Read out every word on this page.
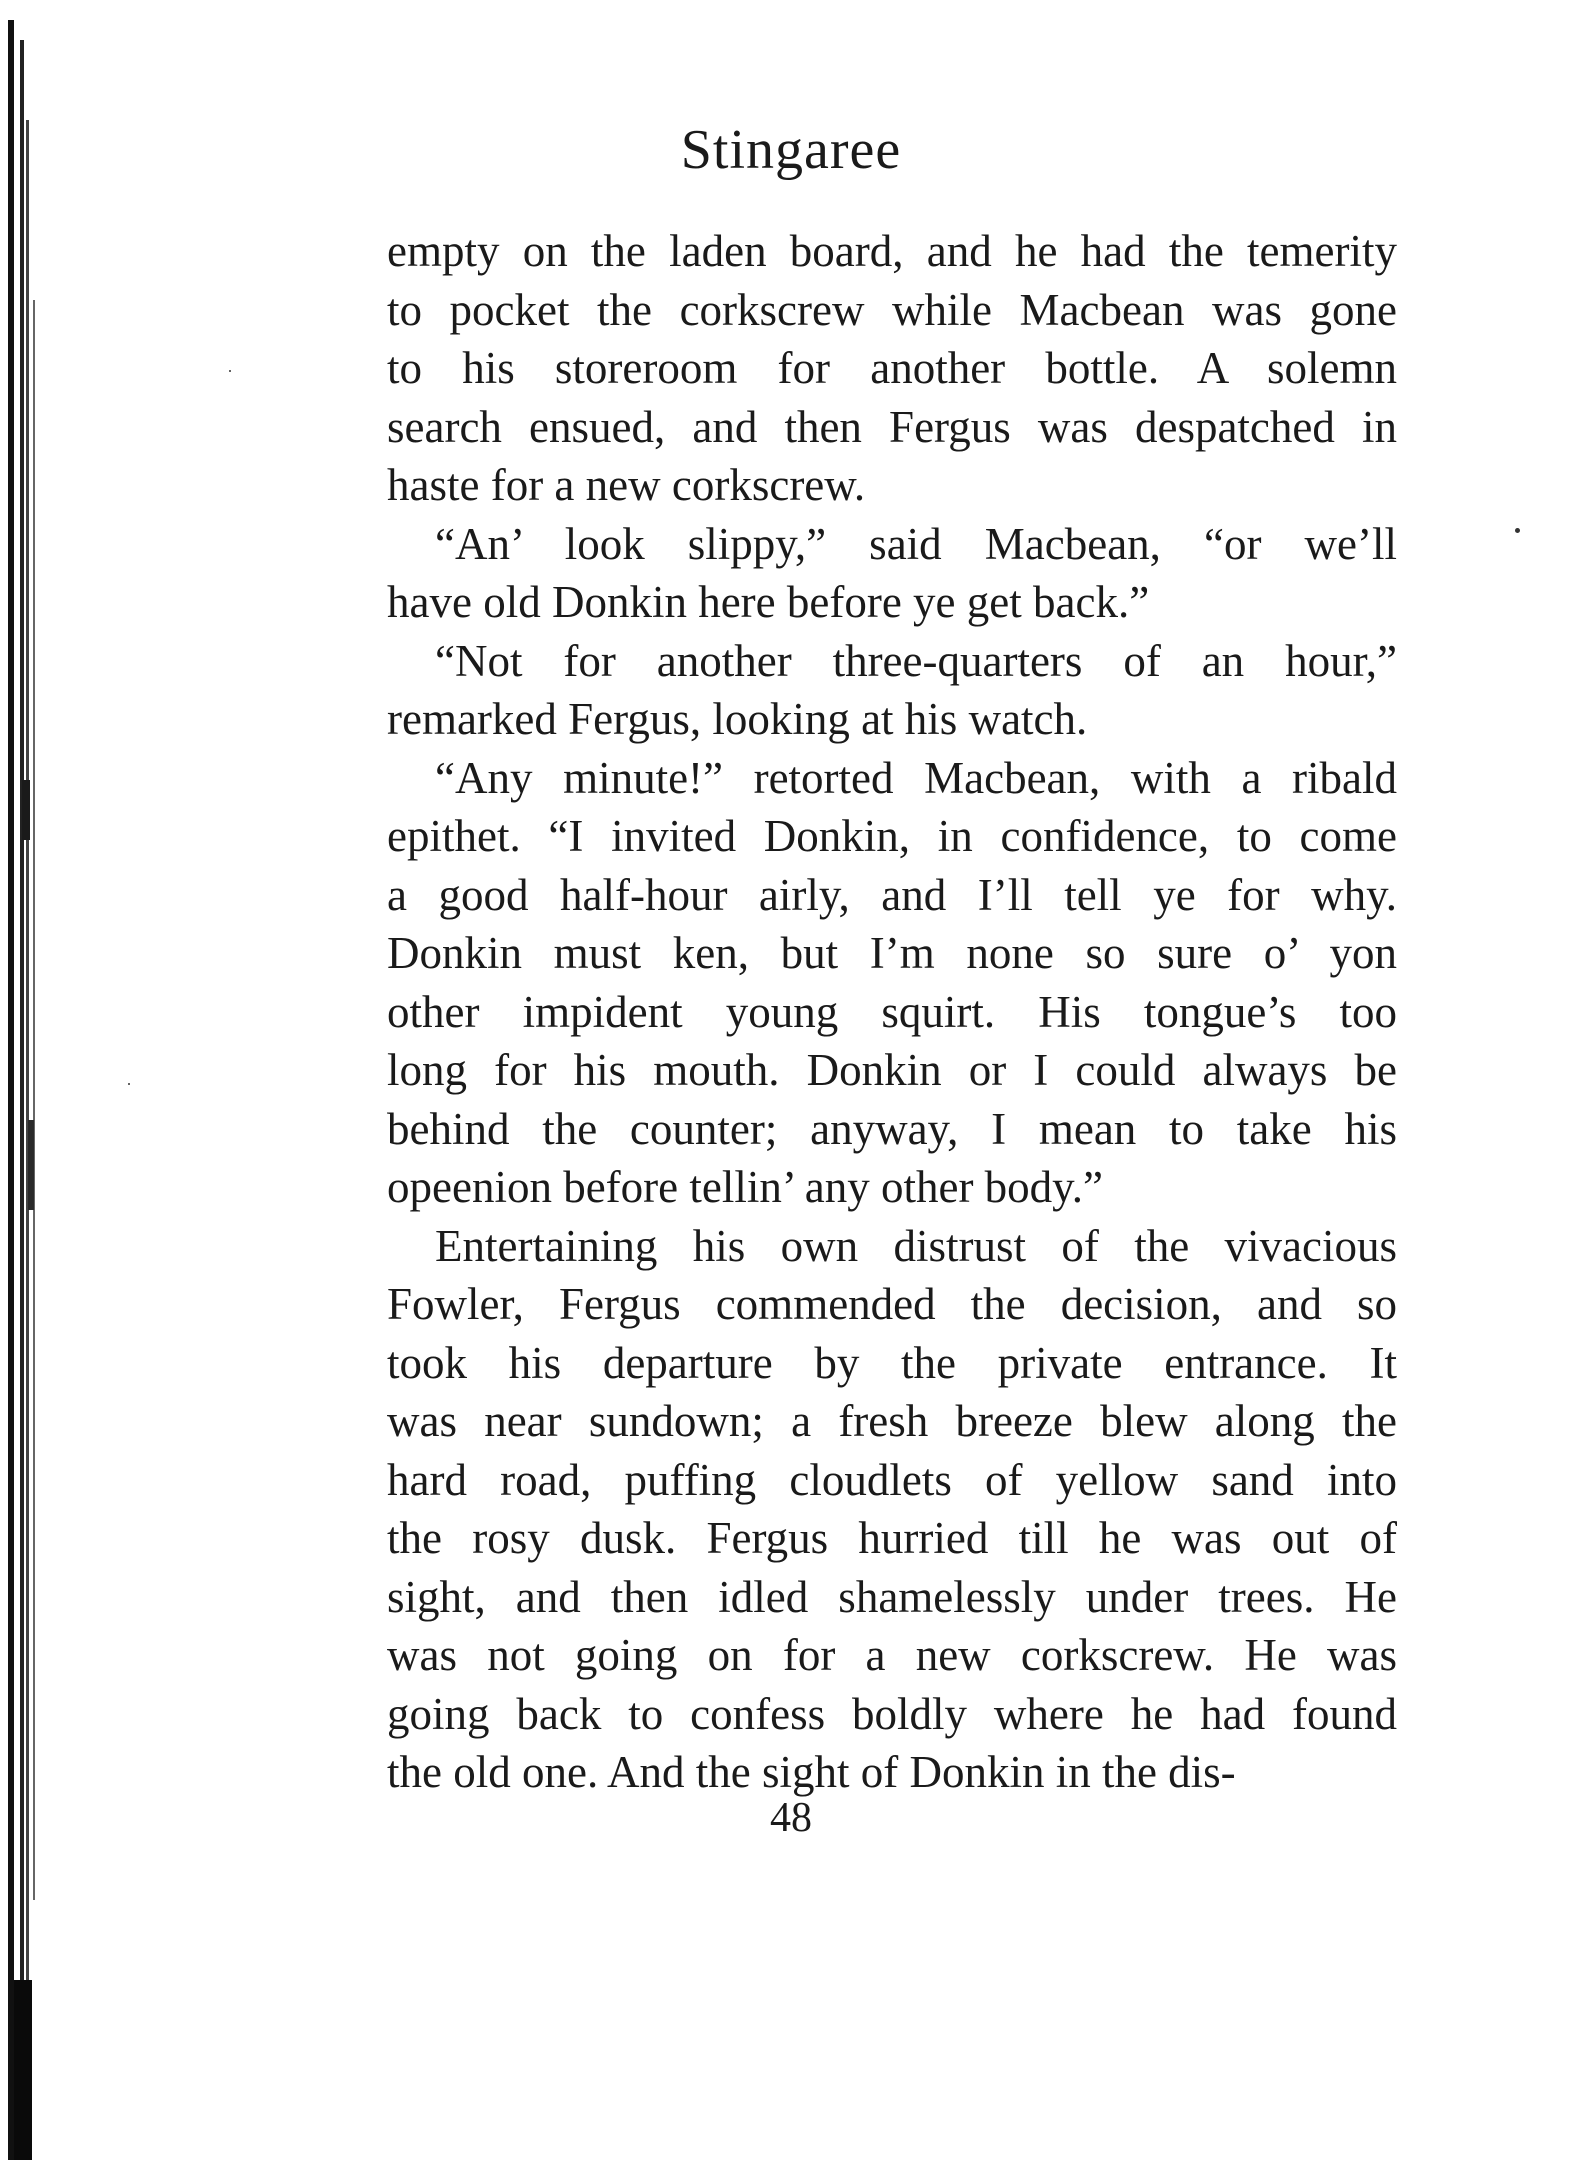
Stingaree
empty on the laden board, and he had the temerity
to pocket the corkscrew while Macbean was gone
to his storeroom for another bottle. A solemn
search ensued, and then Fergus was despatched in
haste for a new corkscrew.
“An’ look slippy,” said Macbean, “or we’ll
have old Donkin here before ye get back.”
“Not for another three-quarters of an hour,”
remarked Fergus, looking at his watch.
“Any minute!” retorted Macbean, with a ribald
epithet. “I invited Donkin, in confidence, to come
a good half-hour airly, and I’ll tell ye for why.
Donkin must ken, but I’m none so sure o’ yon
other impident young squirt. His tongue’s too
long for his mouth. Donkin or I could always be
behind the counter; anyway, I mean to take his
opeenion before tellin’ any other body.”
Entertaining his own distrust of the vivacious
Fowler, Fergus commended the decision, and so
took his departure by the private entrance. It
was near sundown; a fresh breeze blew along the
hard road, puffing cloudlets of yellow sand into
the rosy dusk. Fergus hurried till he was out of
sight, and then idled shamelessly under trees. He
was not going on for a new corkscrew. He was
going back to confess boldly where he had found
the old one. And the sight of Donkin in the dis-
48
